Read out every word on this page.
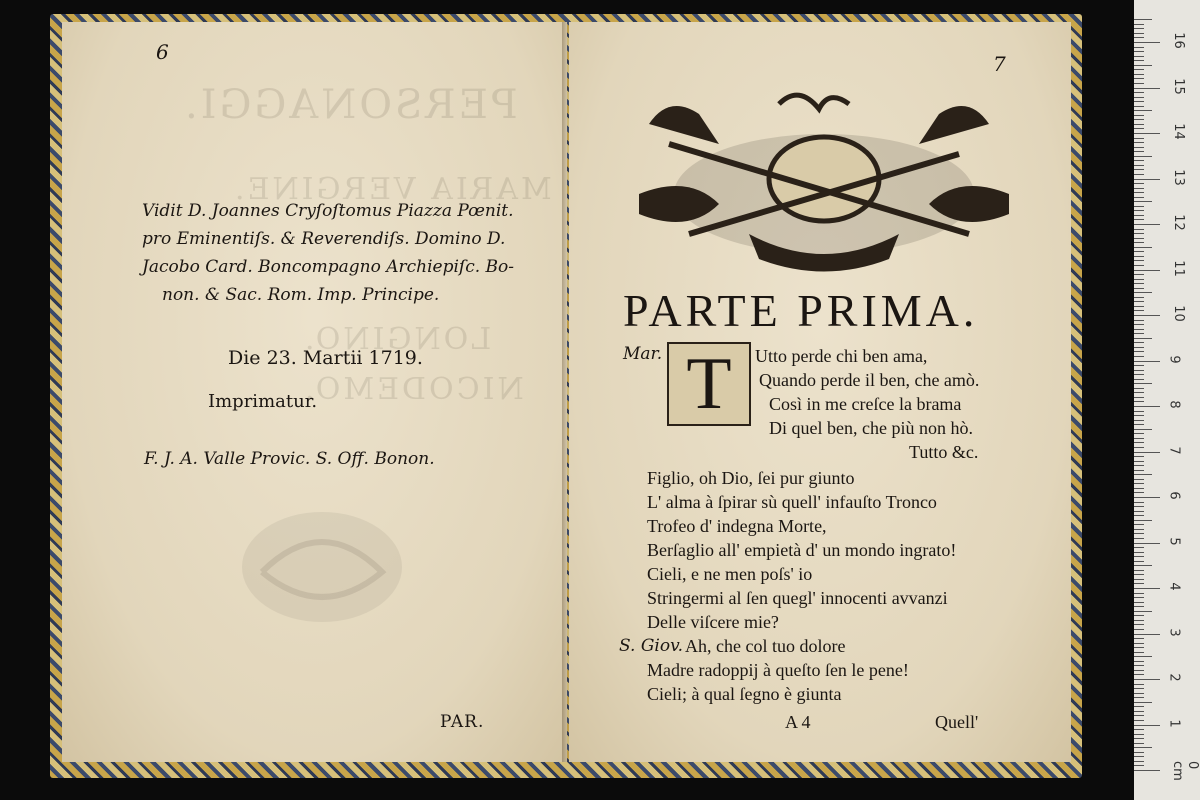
6
PERSONAGGI.
MARIA VERGINE.
LONGINO.
NICODEMO.
Vidit D. Joannes Cryſoſtomus Piazza Pœnit.
pro Eminentiſs. & Reverendiſs. Domino D.
Jacobo Card. Boncompagno Archiepiſc. Bo-
non. & Sac. Rom. Imp. Principe.
Die 23. Martii 1719.
Imprimatur.
F. J. A. Valle Provic. S. Off. Bonon.
PAR.
7
PARTE PRIMA.
Mar. T	Utto perde chi ben ama,
Quando perde il ben, che amò.
Così in me creſce la brama
Di quel ben, che più non hò.
Tutto &c.
Figlio, oh Dio, ſei pur giunto
L' alma à ſpirar sù quell' infauſto Tronco
Trofeo d' indegna Morte,
Berſaglio all' empietà d' un mondo ingrato!
Cieli, e ne men poſs' io
Stringermi al ſen quegl' innocenti avvanzi
Delle viſcere mie?
S. Giov. Ah, che col tuo dolore
Madre radoppij à queſto ſen le pene!
Cieli; à qual ſegno è giunta
A 4	Quell'
0 cm
1
2
3
4
5
6
7
8
9
10
11
12
13
14
15
16
